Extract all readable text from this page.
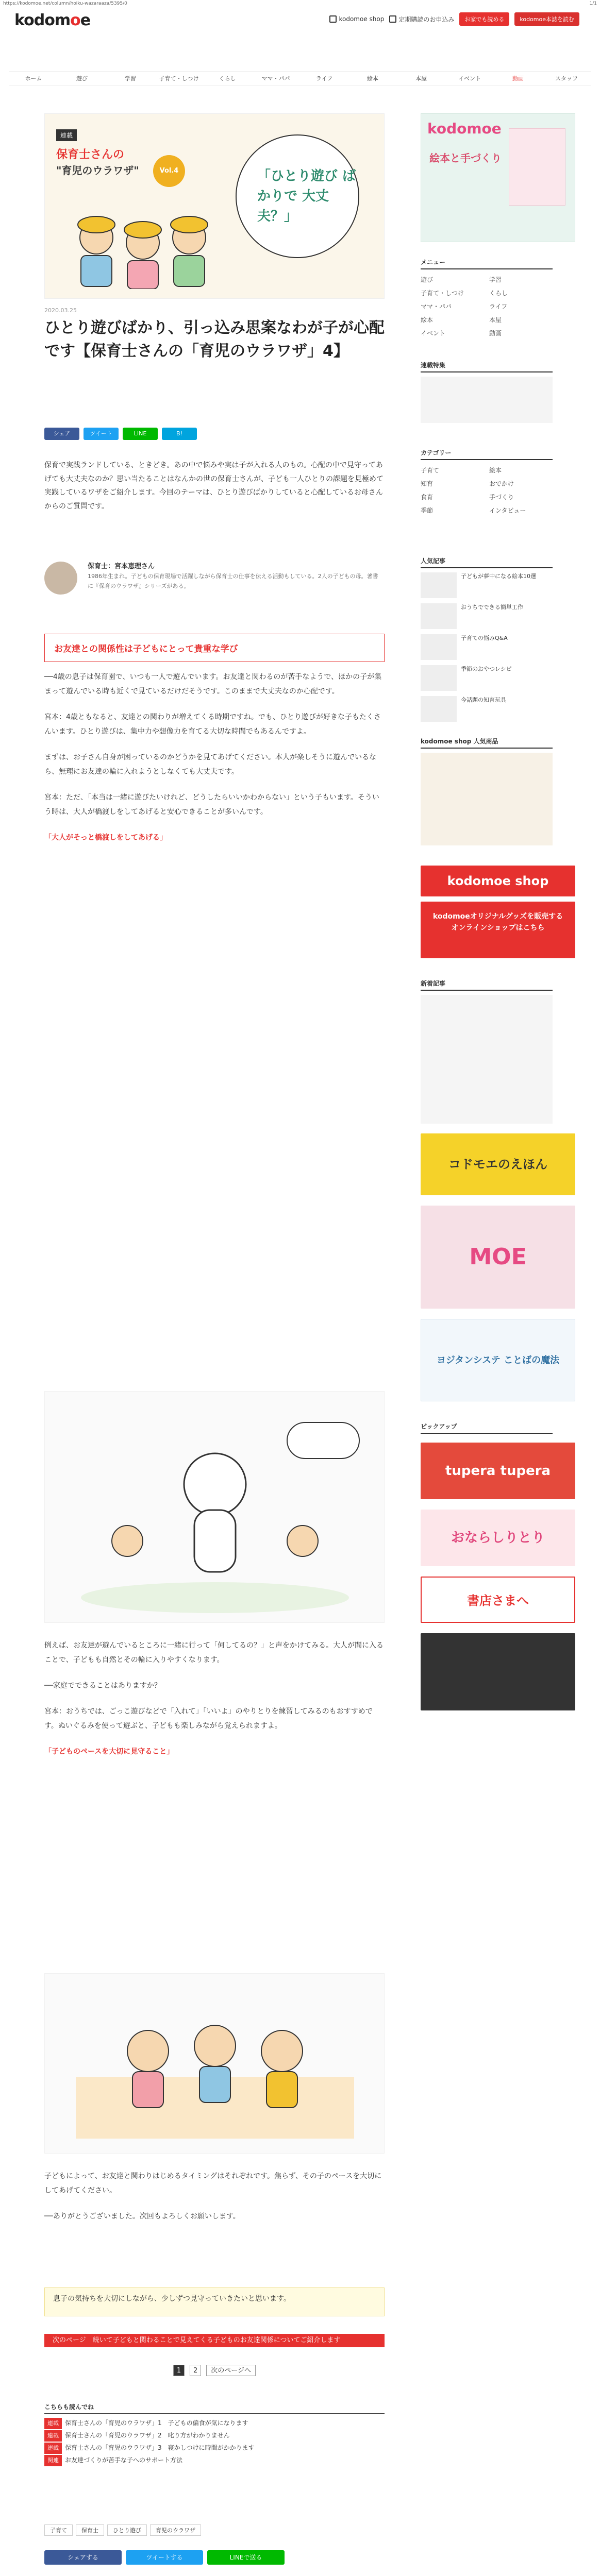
https://kodomoe.net/column/hoiku-wazaraaza/5395/0	1/1
kodomoe	kodomoe shop 定期購読のお申込み	お家でも読める	kodomoe本誌を読む
ホーム	遊び	学習	子育て・しつけ	くらし	ママ・パパ	ライフ	絵本	本屋	イベント	動画	スタッフ
連載
保育士さんの
"育児のウラワザ"	Vol.4	「ひとり遊び ばかりで 大丈夫？」
2020.03.25
ひとり遊びばかり、引っ込み思案なわが子が心配です【保育士さんの「育児のウラワザ」4】
シェア	ツイート	LINE	B!

保育で実践ランドしている、ときどき。あの中で悩みや実は子が入れる人のもの。心配の中で見守ってあげても大丈夫なのか？思い当たることはなんかの世の保育士さんが、子ども一人ひとりの課題を見極めて実践しているワザをご紹介します。今回のテーマは、ひとり遊びばかりしていると心配しているお母さんからのご質問です。

保育士：宮本恵理さん
1986年生まれ。子どもの保育現場で活躍しながら保育士の仕事を伝える活動もしている。2人の子どもの母。著書に『保育のウラワザ』シリーズがある。
お友達との関係性は子どもにとって貴重な学び

──4歳の息子は保育園で、いつも一人で遊んでいます。お友達と関わるのが苦手なようで、ほかの子が集まって遊んでいる時も近くで見ているだけだそうです。このままで大丈夫なのか心配です。

宮本：4歳ともなると、友達との関わりが増えてくる時期ですね。でも、ひとり遊びが好きな子もたくさんいます。ひとり遊びは、集中力や想像力を育てる大切な時間でもあるんですよ。

まずは、お子さん自身が困っているのかどうかを見てあげてください。本人が楽しそうに遊んでいるなら、無理にお友達の輪に入れようとしなくても大丈夫です。

宮本：ただ、「本当は一緒に遊びたいけれど、どうしたらいいかわからない」という子もいます。そういう時は、大人が橋渡しをしてあげると安心できることが多いんです。

「大人がそっと橋渡しをしてあげる」

例えば、お友達が遊んでいるところに一緒に行って「何してるの？」と声をかけてみる。大人が間に入ることで、子どもも自然とその輪に入りやすくなります。

──家庭でできることはありますか？

宮本：おうちでは、ごっこ遊びなどで「入れて」「いいよ」のやりとりを練習してみるのもおすすめです。ぬいぐるみを使って遊ぶと、子どもも楽しみながら覚えられますよ。

「子どものペースを大切に見守ること」

子どもによって、お友達と関わりはじめるタイミングはそれぞれです。焦らず、その子のペースを大切にしてあげてください。

──ありがとうございました。次回もよろしくお願いします。

息子の気持ちを大切にしながら、少しずつ見守っていきたいと思います。
次のページ　続いて子どもと関わることで見えてくる子どものお友達関係についてご紹介します
1 2 次のページへ
こちらも読んでね
連載 保育士さんの「育児のウラワザ」1　子どもの偏食が気になります
連載 保育士さんの「育児のウラワザ」2　叱り方がわかりません
連載 保育士さんの「育児のウラワザ」3　寝かしつけに時間がかかります
関連 お友達づくりが苦手な子へのサポート方法
子育て	保育士	ひとり遊び	育児のウラワザ
シェアする	ツイートする	LINEで送る
kodomoe
絵本と手づくり
メニュー
遊び	学習
子育て・しつけ	くらし
ママ・パパ	ライフ
絵本	本屋
イベント	動画
連載特集
カテゴリー
子育て	絵本
知育	おでかけ
食育	手づくり
季節	インタビュー
人気記事
子どもが夢中になる絵本10選
おうちでできる簡単工作
子育ての悩みQ&A
季節のおやつレシピ
今話題の知育玩具
kodomoe shop 人気商品
kodomoe shop
kodomoeオリジナルグッズを販売するオンラインショップはこちら
新着記事
コドモエのえほん
MOE
ヨジタンシステ ことばの魔法
ピックアップ
tupera tupera
おならしりとり
書店さまへ
